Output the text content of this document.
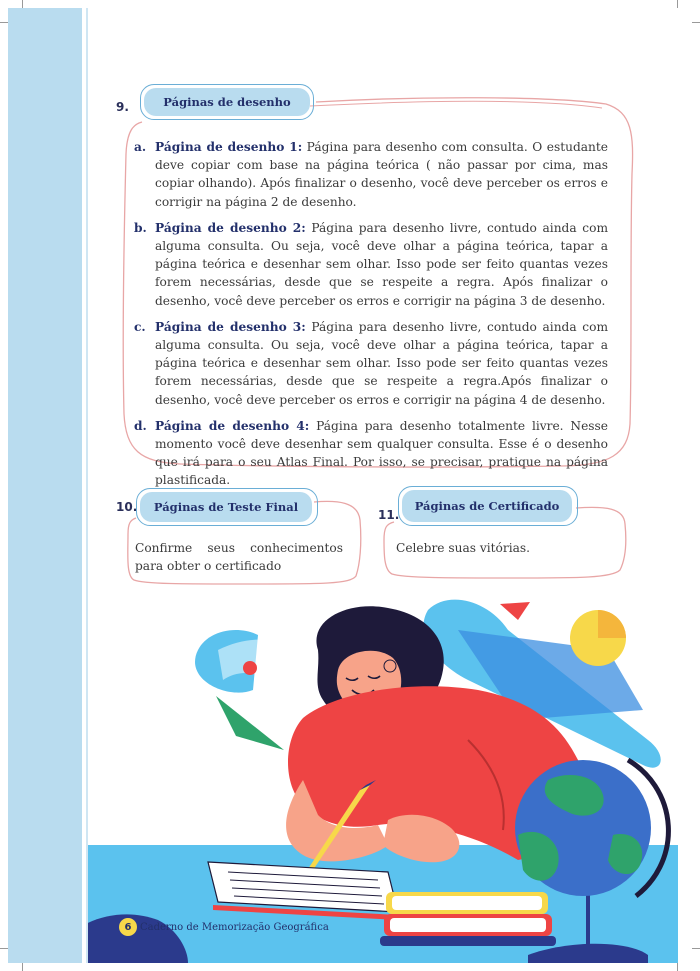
9.	Páginas de desenho
a. Página de desenho 1: Página para desenho com consulta. O estudante deve copiar com base na página teórica ( não passar por cima, mas copiar olhando). Após finalizar o desenho, você deve perceber os erros e corrigir na página 2 de desenho.
b. Página de desenho 2: Página para desenho livre, contudo ainda com alguma consulta. Ou seja, você deve olhar a página teórica, tapar a página teórica e desenhar sem olhar. Isso pode ser feito quantas vezes forem necessárias, desde que se respeite a regra. Após finalizar o desenho, você deve perceber os erros e corrigir na página 3 de desenho.
c. Página de desenho 3: Página para desenho livre, contudo ainda com alguma consulta. Ou seja, você deve olhar a página teórica, tapar a página teórica e desenhar sem olhar. Isso pode ser feito quantas vezes forem necessárias, desde que se respeite a regra.Após finalizar o desenho, você deve perceber os erros e corrigir na página 4 de desenho.
d. Página de desenho 4: Página para desenho totalmente livre. Nesse momento você deve desenhar sem qualquer consulta. Esse é o desenho que irá para o seu Atlas Final. Por isso, se precisar, pratique na página plastificada.
10.	Páginas de Teste Final
Confirme seus conhecimentos para obter o certificado
11.
Páginas de Certificado
Celebre suas vitórias.
6 Caderno de Memorização Geográfica
